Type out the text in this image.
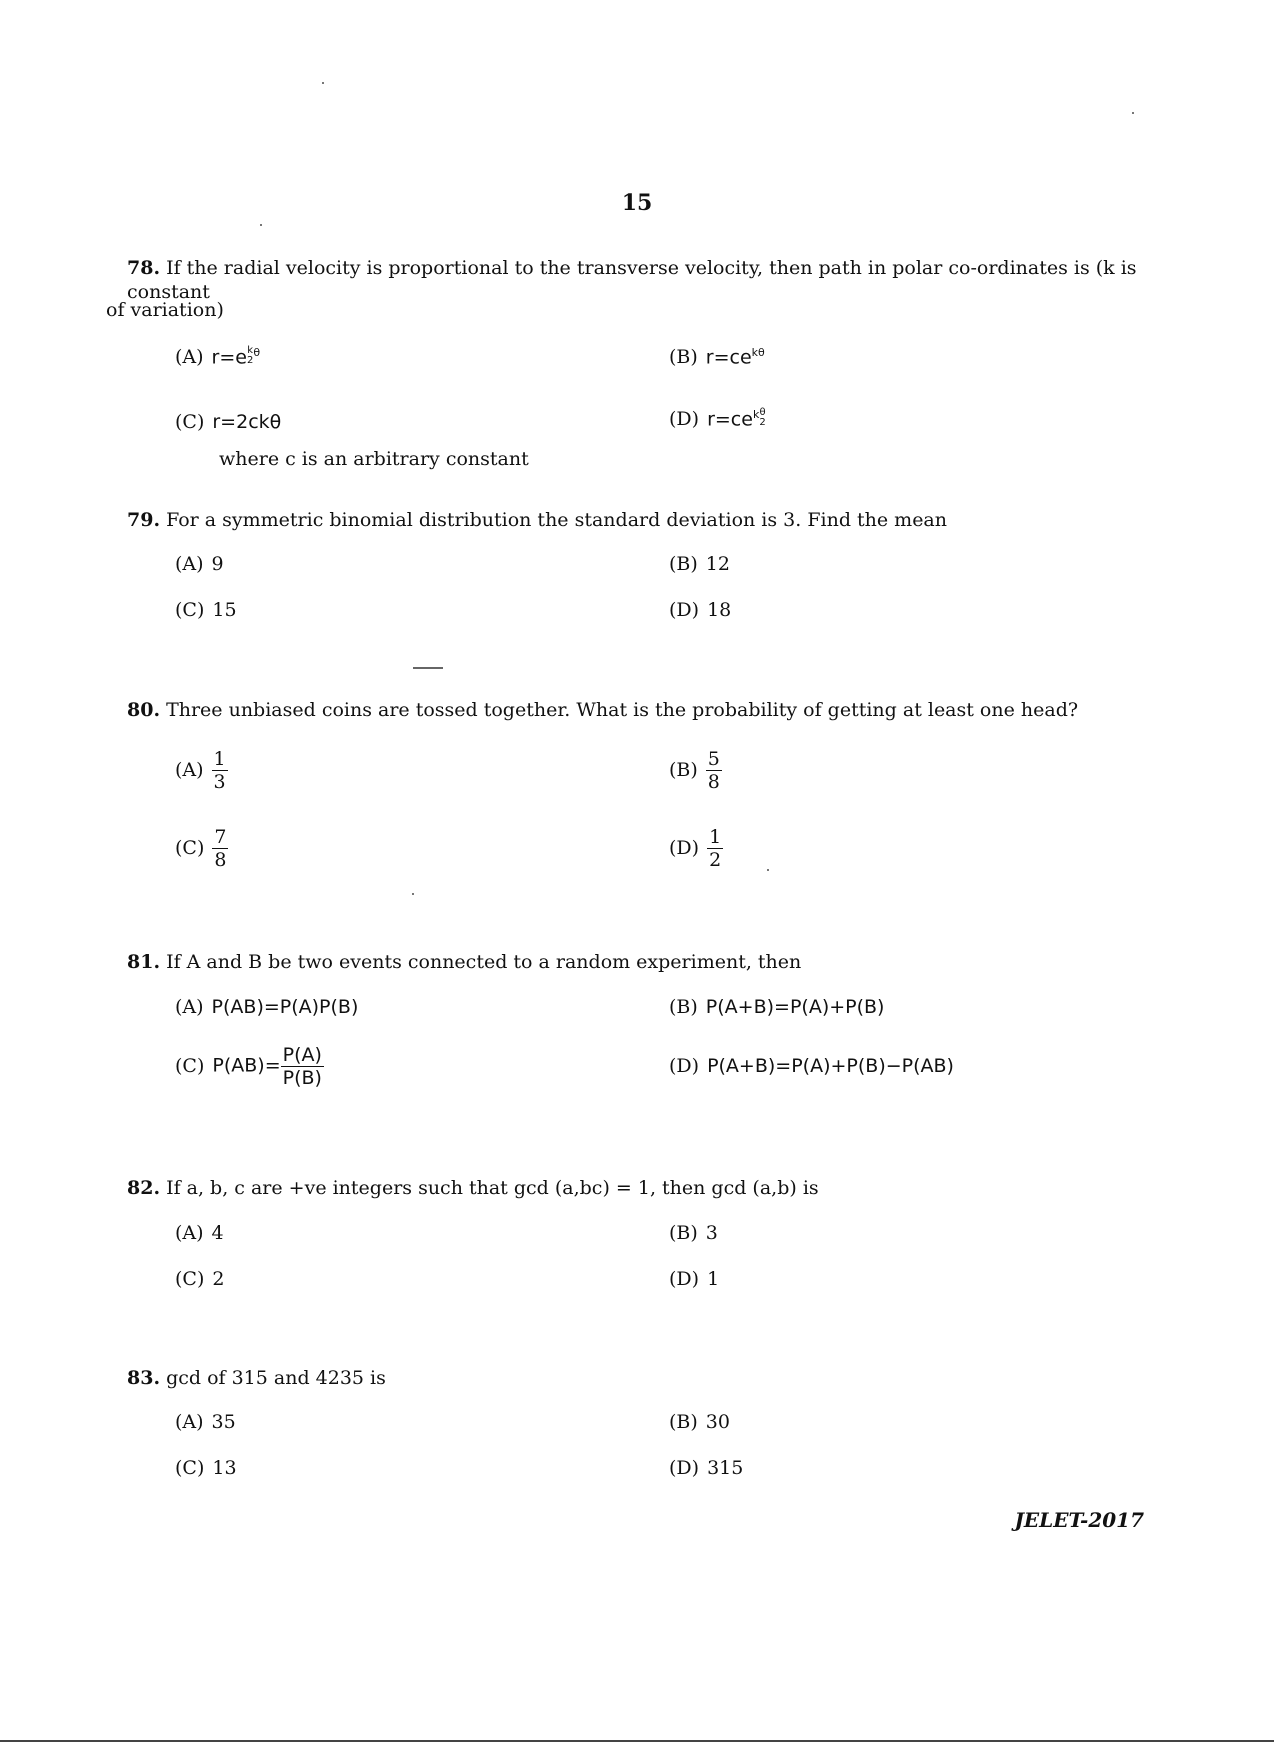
15
78. If the radial velocity is proportional to the transverse velocity, then path in polar co-ordinates is (k is constant
of variation)
(A) r=e k
2
$^\theta$	(B) $r=ce^{k\theta}$
(C) r=2ckθ	(D) $r=ce^k$ θ
2
where c is an arbitrary constant
79. For a symmetric binomial distribution the standard deviation is 3. Find the mean
(A) 9	(B) 12
(C) 15	(D) 18
80. Three unbiased coins are tossed together. What is the probability of getting at least one head?
$(A) \frac{1}{3}$	$(B) \frac{5}{8}$
$(C) \frac{7}{8}$	$(D) \frac{1}{2}$
81. If A and B be two events connected to a random experiment, then
(A) P(AB)=P(A)P(B)	(B) P(A+B)=P(A)+P(B)
(C) $P(AB)= \frac{P(A)}{P(B)}$	(D) P(A+B)=P(A)+P(B)−P(AB)
82. If a, b, c are +ve integers such that gcd (a,bc) = 1, then gcd (a,b) is
(A) 4	(B) 3
(C) 2	(D) 1
83. gcd of 315 and 4235 is
(A) 35	(B) 30
(C) 13	(D) 315
JELET-2017
